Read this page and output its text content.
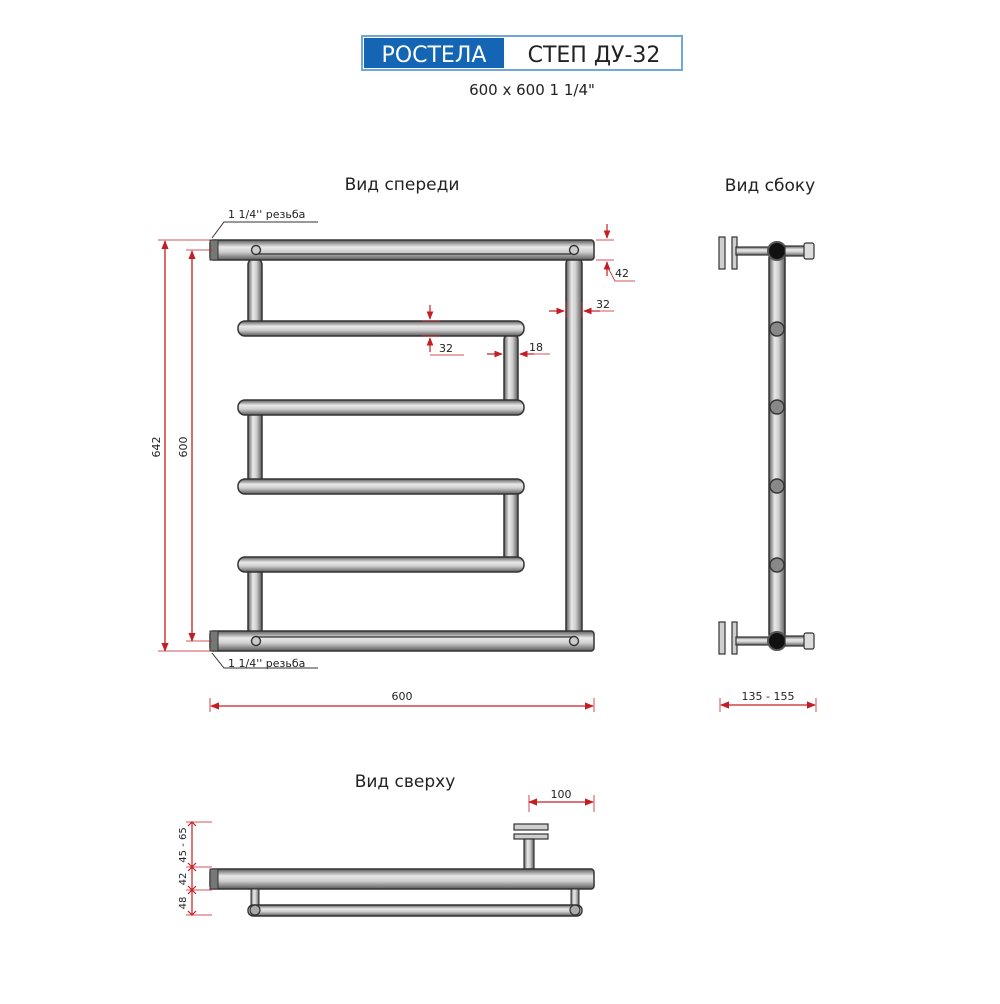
РОСТЕЛА СТЕП ДУ-32
600 x 600 1 1/4"
Вид спереди	Вид сбоку
Вид сверху
1 1/4'' резьба
1 1/4'' резьба
642 600
600
42
32
32	18
135 - 155
100
45 - 65
42
48
